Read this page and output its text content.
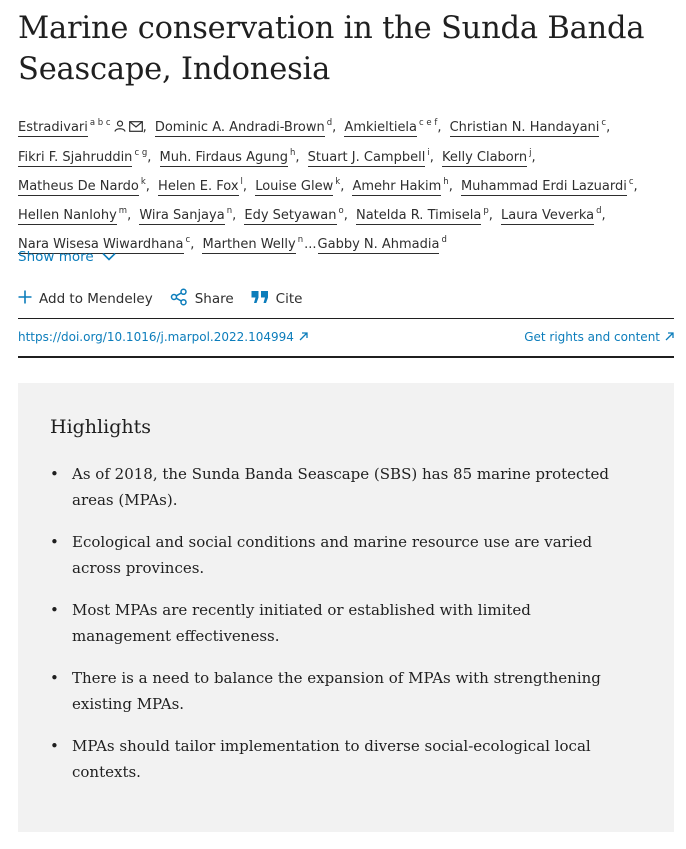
Marine conservation in the Sunda Banda Seascape, Indonesia
Estradivari $^{a b c}$ , Dominic A. Andradi-Brown $^d$, Amkieltiela $^{c e f}$, Christian N. Handayani $^c$, Fikri F. Sjahruddin $^{c g}$, Muh. Firdaus Agung $^h$, Stuart J. Campbell $^i$, Kelly Claborn $^j$, Matheus De Nardo $^k$, Helen E. Fox $^l$, Louise Glew $^k$, Amehr Hakim $^h$, Muhammad Erdi Lazuardi $^c$, Hellen Nanlohy $^m$, Wira Sanjaya $^n$, Edy Setyawan $^o$, Natelda R. Timisela $^p$, Laura Veverka $^d$, Nara Wisesa Wiwardhana $^c$, Marthen Welly $^n$...Gabby N. Ahmadia $^d$
Show more
Add to Mendeley	Share	Cite
https://doi.org/10.1016/j.marpol.2022.104994	Get rights and content
Highlights
• As of 2018, the Sunda Banda Seascape (SBS) has 85 marine protected areas (MPAs).
• Ecological and social conditions and marine resource use are varied across provinces.
• Most MPAs are recently initiated or established with limited management effectiveness.
• There is a need to balance the expansion of MPAs with strengthening existing MPAs.
• MPAs should tailor implementation to diverse social-ecological local contexts.
